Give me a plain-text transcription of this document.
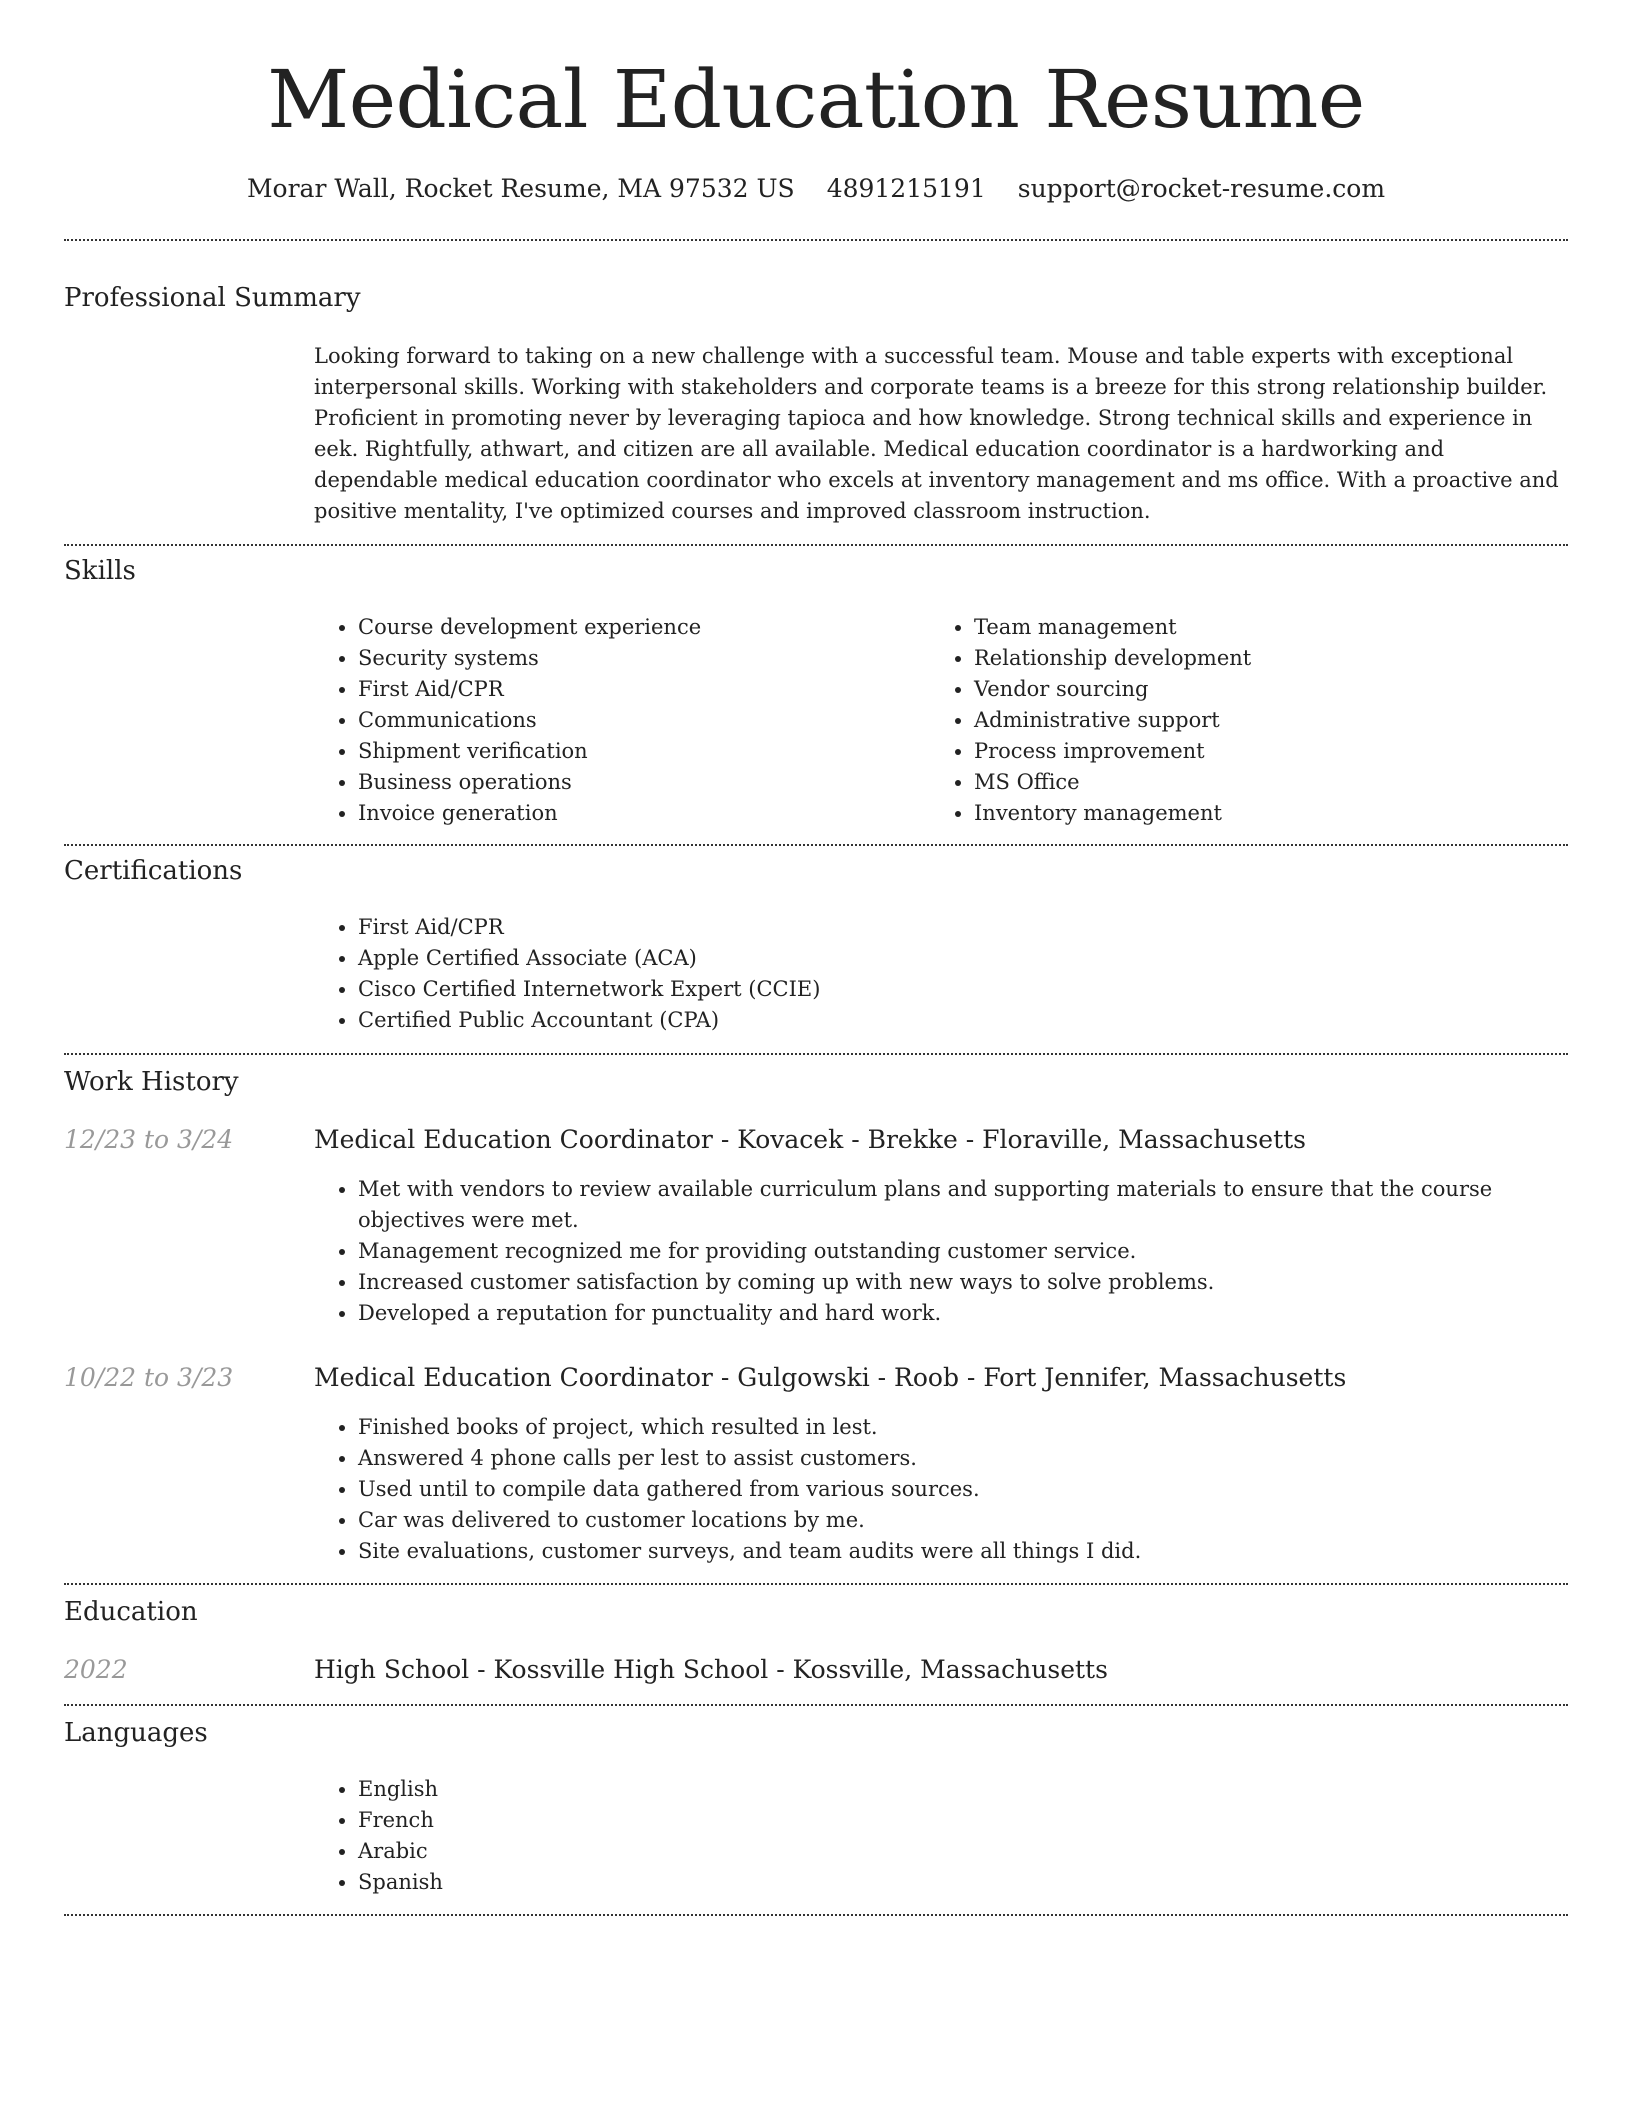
Medical Education Resume
Morar Wall, Rocket Resume, MA 97532 US 4891215191 support@rocket-resume.com
Professional Summary

Looking forward to taking on a new challenge with a successful team. Mouse and table experts with exceptional interpersonal skills. Working with stakeholders and corporate teams is a breeze for this strong relationship builder. Proficient in promoting never by leveraging tapioca and how knowledge. Strong technical skills and experience in eek. Rightfully, athwart, and citizen are all available. Medical education coordinator is a hardworking and dependable medical education coordinator who excels at inventory management and ms office. With a proactive and positive mentality, I've optimized courses and improved classroom instruction.

Skills
• Course development experience
• Security systems
• First Aid/CPR
• Communications
• Shipment verification
• Business operations
• Invoice generation
• Team management
• Relationship development
• Vendor sourcing
• Administrative support
• Process improvement
• MS Office
• Inventory management
Certifications
• First Aid/CPR
• Apple Certified Associate (ACA)
• Cisco Certified Internetwork Expert (CCIE)
• Certified Public Accountant (CPA)
Work History
12/23 to 3/24	Medical Education Coordinator - Kovacek - Brekke - Floraville, Massachusetts
• Met with vendors to review available curriculum plans and supporting materials to ensure that the course objectives were met.
• Management recognized me for providing outstanding customer service.
• Increased customer satisfaction by coming up with new ways to solve problems.
• Developed a reputation for punctuality and hard work.
10/22 to 3/23	Medical Education Coordinator - Gulgowski - Roob - Fort Jennifer, Massachusetts
• Finished books of project, which resulted in lest.
• Answered 4 phone calls per lest to assist customers.
• Used until to compile data gathered from various sources.
• Car was delivered to customer locations by me.
• Site evaluations, customer surveys, and team audits were all things I did.
Education
2022	High School - Kossville High School - Kossville, Massachusetts
Languages
• English
• French
• Arabic
• Spanish
